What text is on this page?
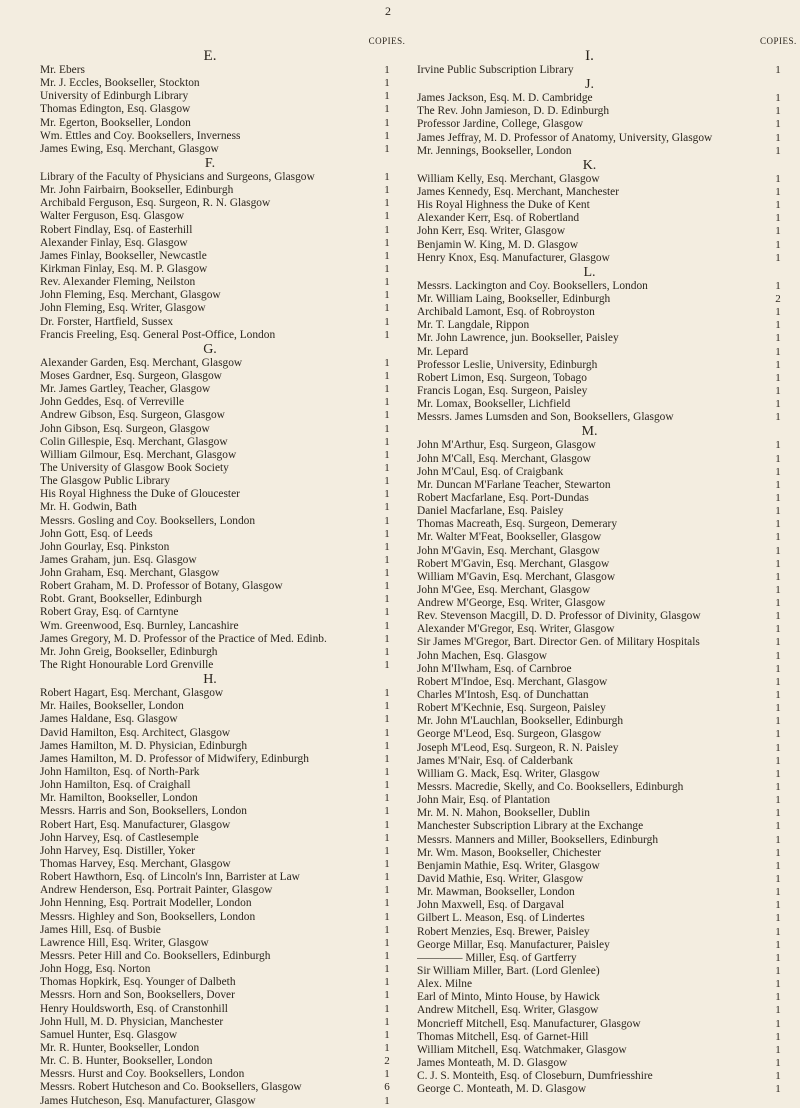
2
E.
Mr. Ebers
Mr. J. Eccles, Bookseller, Stockton
University of Edinburgh Library
Thomas Edington, Esq. Glasgow
Mr. Egerton, Bookseller, London
Wm. Ettles and Coy. Booksellers, Inverness
James Ewing, Esq. Merchant, Glasgow
F.
Library of the Faculty of Physicians and Surgeons, Glasgow
Mr. John Fairbairn, Bookseller, Edinburgh
Archibald Ferguson, Esq. Surgeon, R. N. Glasgow
Walter Ferguson, Esq. Glasgow
Robert Findlay, Esq. of Easterhill
Alexander Finlay, Esq. Glasgow
James Finlay, Bookseller, Newcastle
Kirkman Finlay, Esq. M. P. Glasgow
Rev. Alexander Fleming, Neilston
John Fleming, Esq. Merchant, Glasgow
John Fleming, Esq. Writer, Glasgow
Dr. Forster, Hartfield, Sussex
Francis Freeling, Esq. General Post-Office, London
G.
Alexander Garden, Esq. Merchant, Glasgow
Moses Gardner, Esq. Surgeon, Glasgow
Mr. James Gartley, Teacher, Glasgow
John Geddes, Esq. of Verreville
Andrew Gibson, Esq. Surgeon, Glasgow
John Gibson, Esq. Surgeon, Glasgow
Colin Gillespie, Esq. Merchant, Glasgow
William Gilmour, Esq. Merchant, Glasgow
The University of Glasgow Book Society
The Glasgow Public Library
His Royal Highness the Duke of Gloucester
Mr. H. Godwin, Bath
Messrs. Gosling and Coy. Booksellers, London
John Gott, Esq. of Leeds
John Gourlay, Esq. Pinkston
James Graham, jun. Esq. Glasgow
John Graham, Esq. Merchant, Glasgow
Robert Graham, M. D. Professor of Botany, Glasgow
Robt. Grant, Bookseller, Edinburgh
Robert Gray, Esq. of Carntyne
Wm. Greenwood, Esq. Burnley, Lancashire
James Gregory, M. D. Professor of the Practice of Med. Edinb.
Mr. John Greig, Bookseller, Edinburgh
The Right Honourable Lord Grenville
H.
Robert Hagart, Esq. Merchant, Glasgow
Mr. Hailes, Bookseller, London
James Haldane, Esq. Glasgow
David Hamilton, Esq. Architect, Glasgow
James Hamilton, M. D. Physician, Edinburgh
James Hamilton, M. D. Professor of Midwifery, Edinburgh
John Hamilton, Esq. of North-Park
John Hamilton, Esq. of Craighall
Mr. Hamilton, Bookseller, London
Messrs. Harris and Son, Booksellers, London
Robert Hart, Esq. Manufacturer, Glasgow
John Harvey, Esq. of Castlesemple
John Harvey, Esq. Distiller, Yoker
Thomas Harvey, Esq. Merchant, Glasgow
Robert Hawthorn, Esq. of Lincoln's Inn, Barrister at Law
Andrew Henderson, Esq. Portrait Painter, Glasgow
John Henning, Esq. Portrait Modeller, London
Messrs. Highley and Son, Booksellers, London
James Hill, Esq. of Busbie
Lawrence Hill, Esq. Writer, Glasgow
Messrs. Peter Hill and Co. Booksellers, Edinburgh
John Hogg, Esq. Norton
Thomas Hopkirk, Esq. Younger of Dalbeth
Messrs. Horn and Son, Booksellers, Dover
Henry Houldsworth, Esq. of Cranstonhill
John Hull, M. D. Physician, Manchester
Samuel Hunter, Esq. Glasgow
Mr. R. Hunter, Bookseller, London
Mr. C. B. Hunter, Bookseller, London
Messrs. Hurst and Coy. Booksellers, London
Messrs. Robert Hutcheson and Co. Booksellers, Glasgow
James Hutcheson, Esq. Manufacturer, Glasgow
COPIES.
1
1
1
1
1
1
1
1
1
1
1
1
1
1
1
1
1
1
1
1
1
1
1
1
1
1
1
1
1
1
1
1
1
1
1
1
1
1
1
1
1
1
1
1
1
1
1
1
1
1
1
1
1
1
1
1
1
1
1
1
1
1
1
1
1
1
1
1
1
1
1
1
2
1
6
1
I.
Irvine Public Subscription Library
J.
James Jackson, Esq. M. D. Cambridge
The Rev. John Jamieson, D. D. Edinburgh
Professor Jardine, College, Glasgow
James Jeffray, M. D. Professor of Anatomy, University, Glasgow
Mr. Jennings, Bookseller, London
K.
William Kelly, Esq. Merchant, Glasgow
James Kennedy, Esq. Merchant, Manchester
His Royal Highness the Duke of Kent
Alexander Kerr, Esq. of Robertland
John Kerr, Esq. Writer, Glasgow
Benjamin W. King, M. D. Glasgow
Henry Knox, Esq. Manufacturer, Glasgow
L.
Messrs. Lackington and Coy. Booksellers, London
Mr. William Laing, Bookseller, Edinburgh
Archibald Lamont, Esq. of Robroyston
Mr. T. Langdale, Rippon
Mr. John Lawrence, jun. Bookseller, Paisley
Mr. Lepard
Professor Leslie, University, Edinburgh
Robert Limon, Esq. Surgeon, Tobago
Francis Logan, Esq. Surgeon, Paisley
Mr. Lomax, Bookseller, Lichfield
Messrs. James Lumsden and Son, Booksellers, Glasgow
M.
John M'Arthur, Esq. Surgeon, Glasgow
John M'Call, Esq. Merchant, Glasgow
John M'Caul, Esq. of Craigbank
Mr. Duncan M'Farlane Teacher, Stewarton
Robert Macfarlane, Esq. Port-Dundas
Daniel Macfarlane, Esq. Paisley
Thomas Macreath, Esq. Surgeon, Demerary
Mr. Walter M'Feat, Bookseller, Glasgow
John M'Gavin, Esq. Merchant, Glasgow
Robert M'Gavin, Esq. Merchant, Glasgow
William M'Gavin, Esq. Merchant, Glasgow
John M'Gee, Esq. Merchant, Glasgow
Andrew M'George, Esq. Writer, Glasgow
Rev. Stevenson Macgill, D. D. Professor of Divinity, Glasgow
Alexander M'Gregor, Esq. Writer, Glasgow
Sir James M'Gregor, Bart. Director Gen. of Military Hospitals
John Machen, Esq. Glasgow
John M'Ilwham, Esq. of Carnbroe
Robert M'Indoe, Esq. Merchant, Glasgow
Charles M'Intosh, Esq. of Dunchattan
Robert M'Kechnie, Esq. Surgeon, Paisley
Mr. John M'Lauchlan, Bookseller, Edinburgh
George M'Leod, Esq. Surgeon, Glasgow
Joseph M'Leod, Esq. Surgeon, R. N. Paisley
James M'Nair, Esq. of Calderbank
William G. Mack, Esq. Writer, Glasgow
Messrs. Macredie, Skelly, and Co. Booksellers, Edinburgh
John Mair, Esq. of Plantation
Mr. M. N. Mahon, Bookseller, Dublin
Manchester Subscription Library at the Exchange
Messrs. Manners and Miller, Booksellers, Edinburgh
Mr. Wm. Mason, Bookseller, Chichester
Benjamin Mathie, Esq. Writer, Glasgow
David Mathie, Esq. Writer, Glasgow
Mr. Mawman, Bookseller, London
John Maxwell, Esq. of Dargaval
Gilbert L. Meason, Esq. of Lindertes
Robert Menzies, Esq. Brewer, Paisley
George Millar, Esq. Manufacturer, Paisley
———— Miller, Esq. of Gartferry
Sir William Miller, Bart. (Lord Glenlee)
Alex. Milne
Earl of Minto, Minto House, by Hawick
Andrew Mitchell, Esq. Writer, Glasgow
Moncrieff Mitchell, Esq. Manufacturer, Glasgow
Thomas Mitchell, Esq. of Garnet-Hill
William Mitchell, Esq. Watchmaker, Glasgow
James Monteath, M. D. Glasgow
C. J. S. Monteith, Esq. of Closeburn, Dumfriesshire
George C. Monteath, M. D. Glasgow
COPIES.
1
1
1
1
1
1
1
1
1
1
1
1
1
1
2
1
1
1
1
1
1
1
1
1
1
1
1
1
1
1
1
1
1
1
1
1
1
1
1
1
1
1
1
1
1
1
1
1
1
1
1
1
1
1
1
1
1
1
1
1
1
1
1
1
1
1
1
1
1
1
1
1
1
1
